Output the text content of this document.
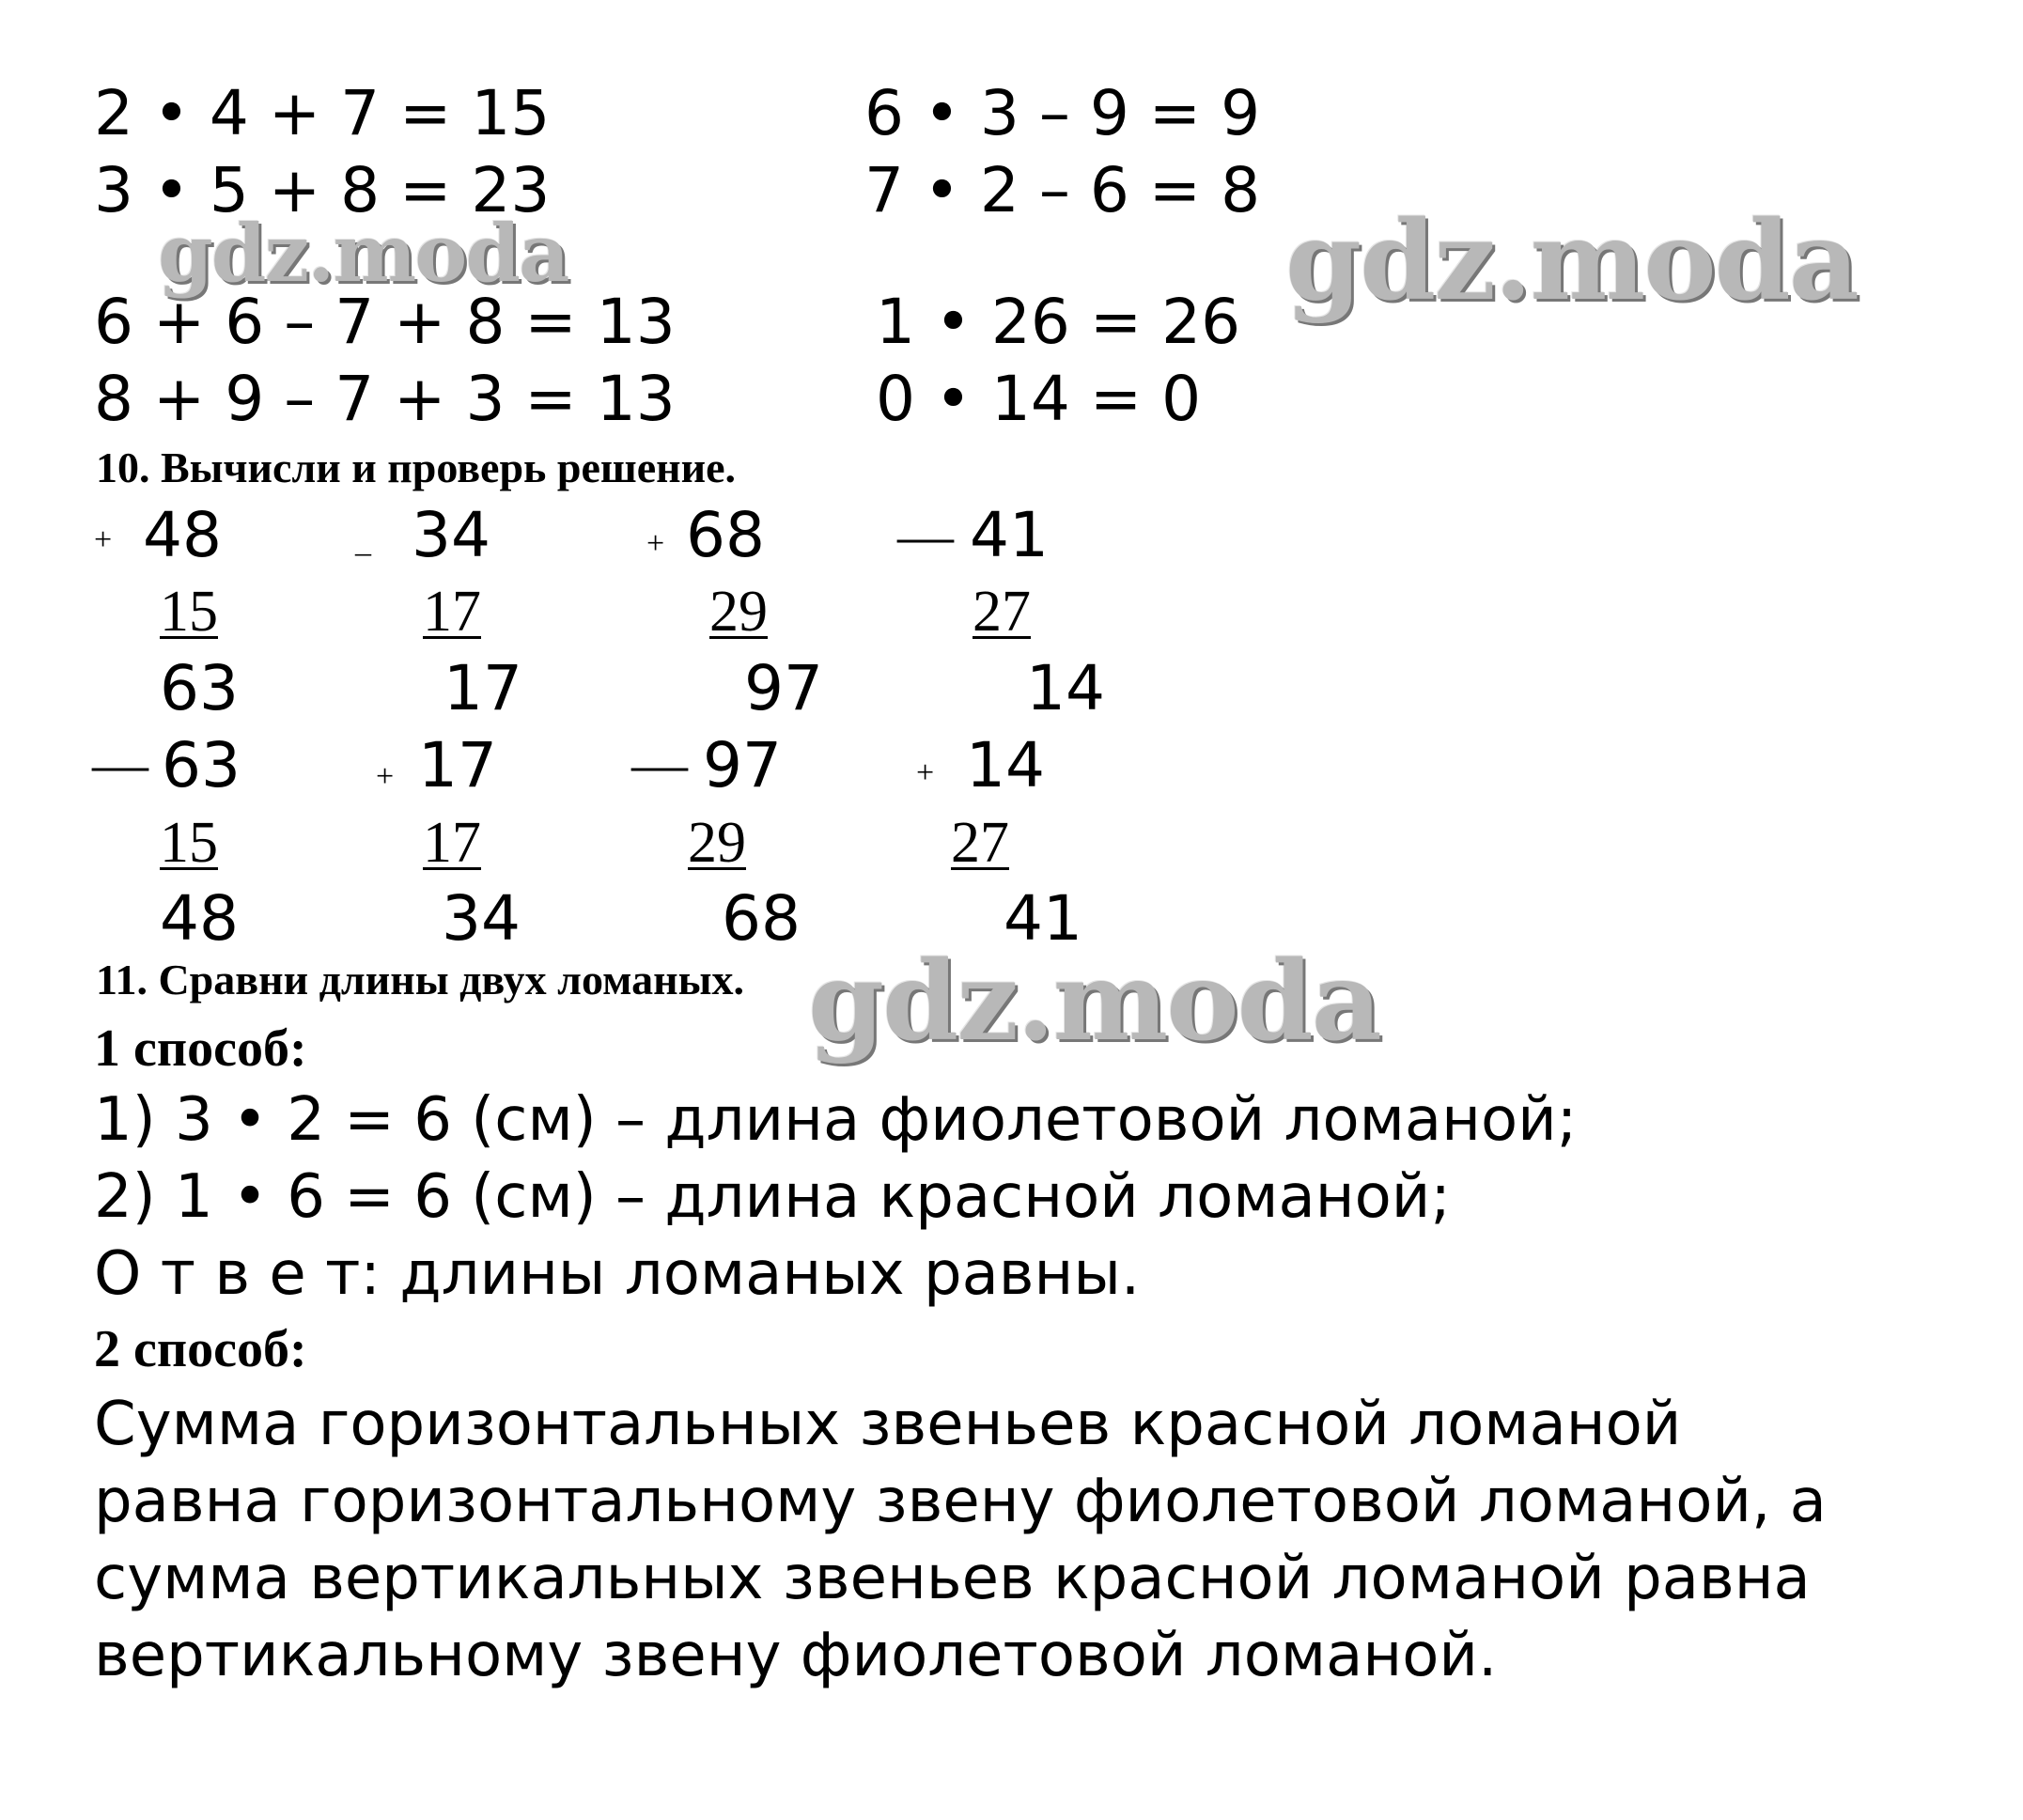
gdz.moda	gdz.moda
gdz.moda
2 • 4 + 7 = 15
3 • 5 + 8 = 23
6 + 6 – 7 + 8 = 13
8 + 9 – 7 + 3 = 13
6 • 3 – 9 = 9
7 • 2 – 6 = 8
1 • 26 = 26
0 • 14 = 0
10. Вычисли и проверь решение.
+ 48
15
63
_ 34
17
17
+ 68
29
97
— 41
27
14
— 63
15
48
+ 17
17
34
— 97
29
68
+ 14
27
41
11. Сравни длины двух ломаных.
1 способ:
1) 3 • 2 = 6 (см) – длина фиолетовой ломаной;
2) 1 • 6 = 6 (см) – длина красной ломаной;
О т в е т: длины ломаных равны.
2 способ:
Сумма горизонтальных звеньев красной ломаной
равна горизонтальному звену фиолетовой ломаной, а
сумма вертикальных звеньев красной ломаной равна
вертикальному звену фиолетовой ломаной.
